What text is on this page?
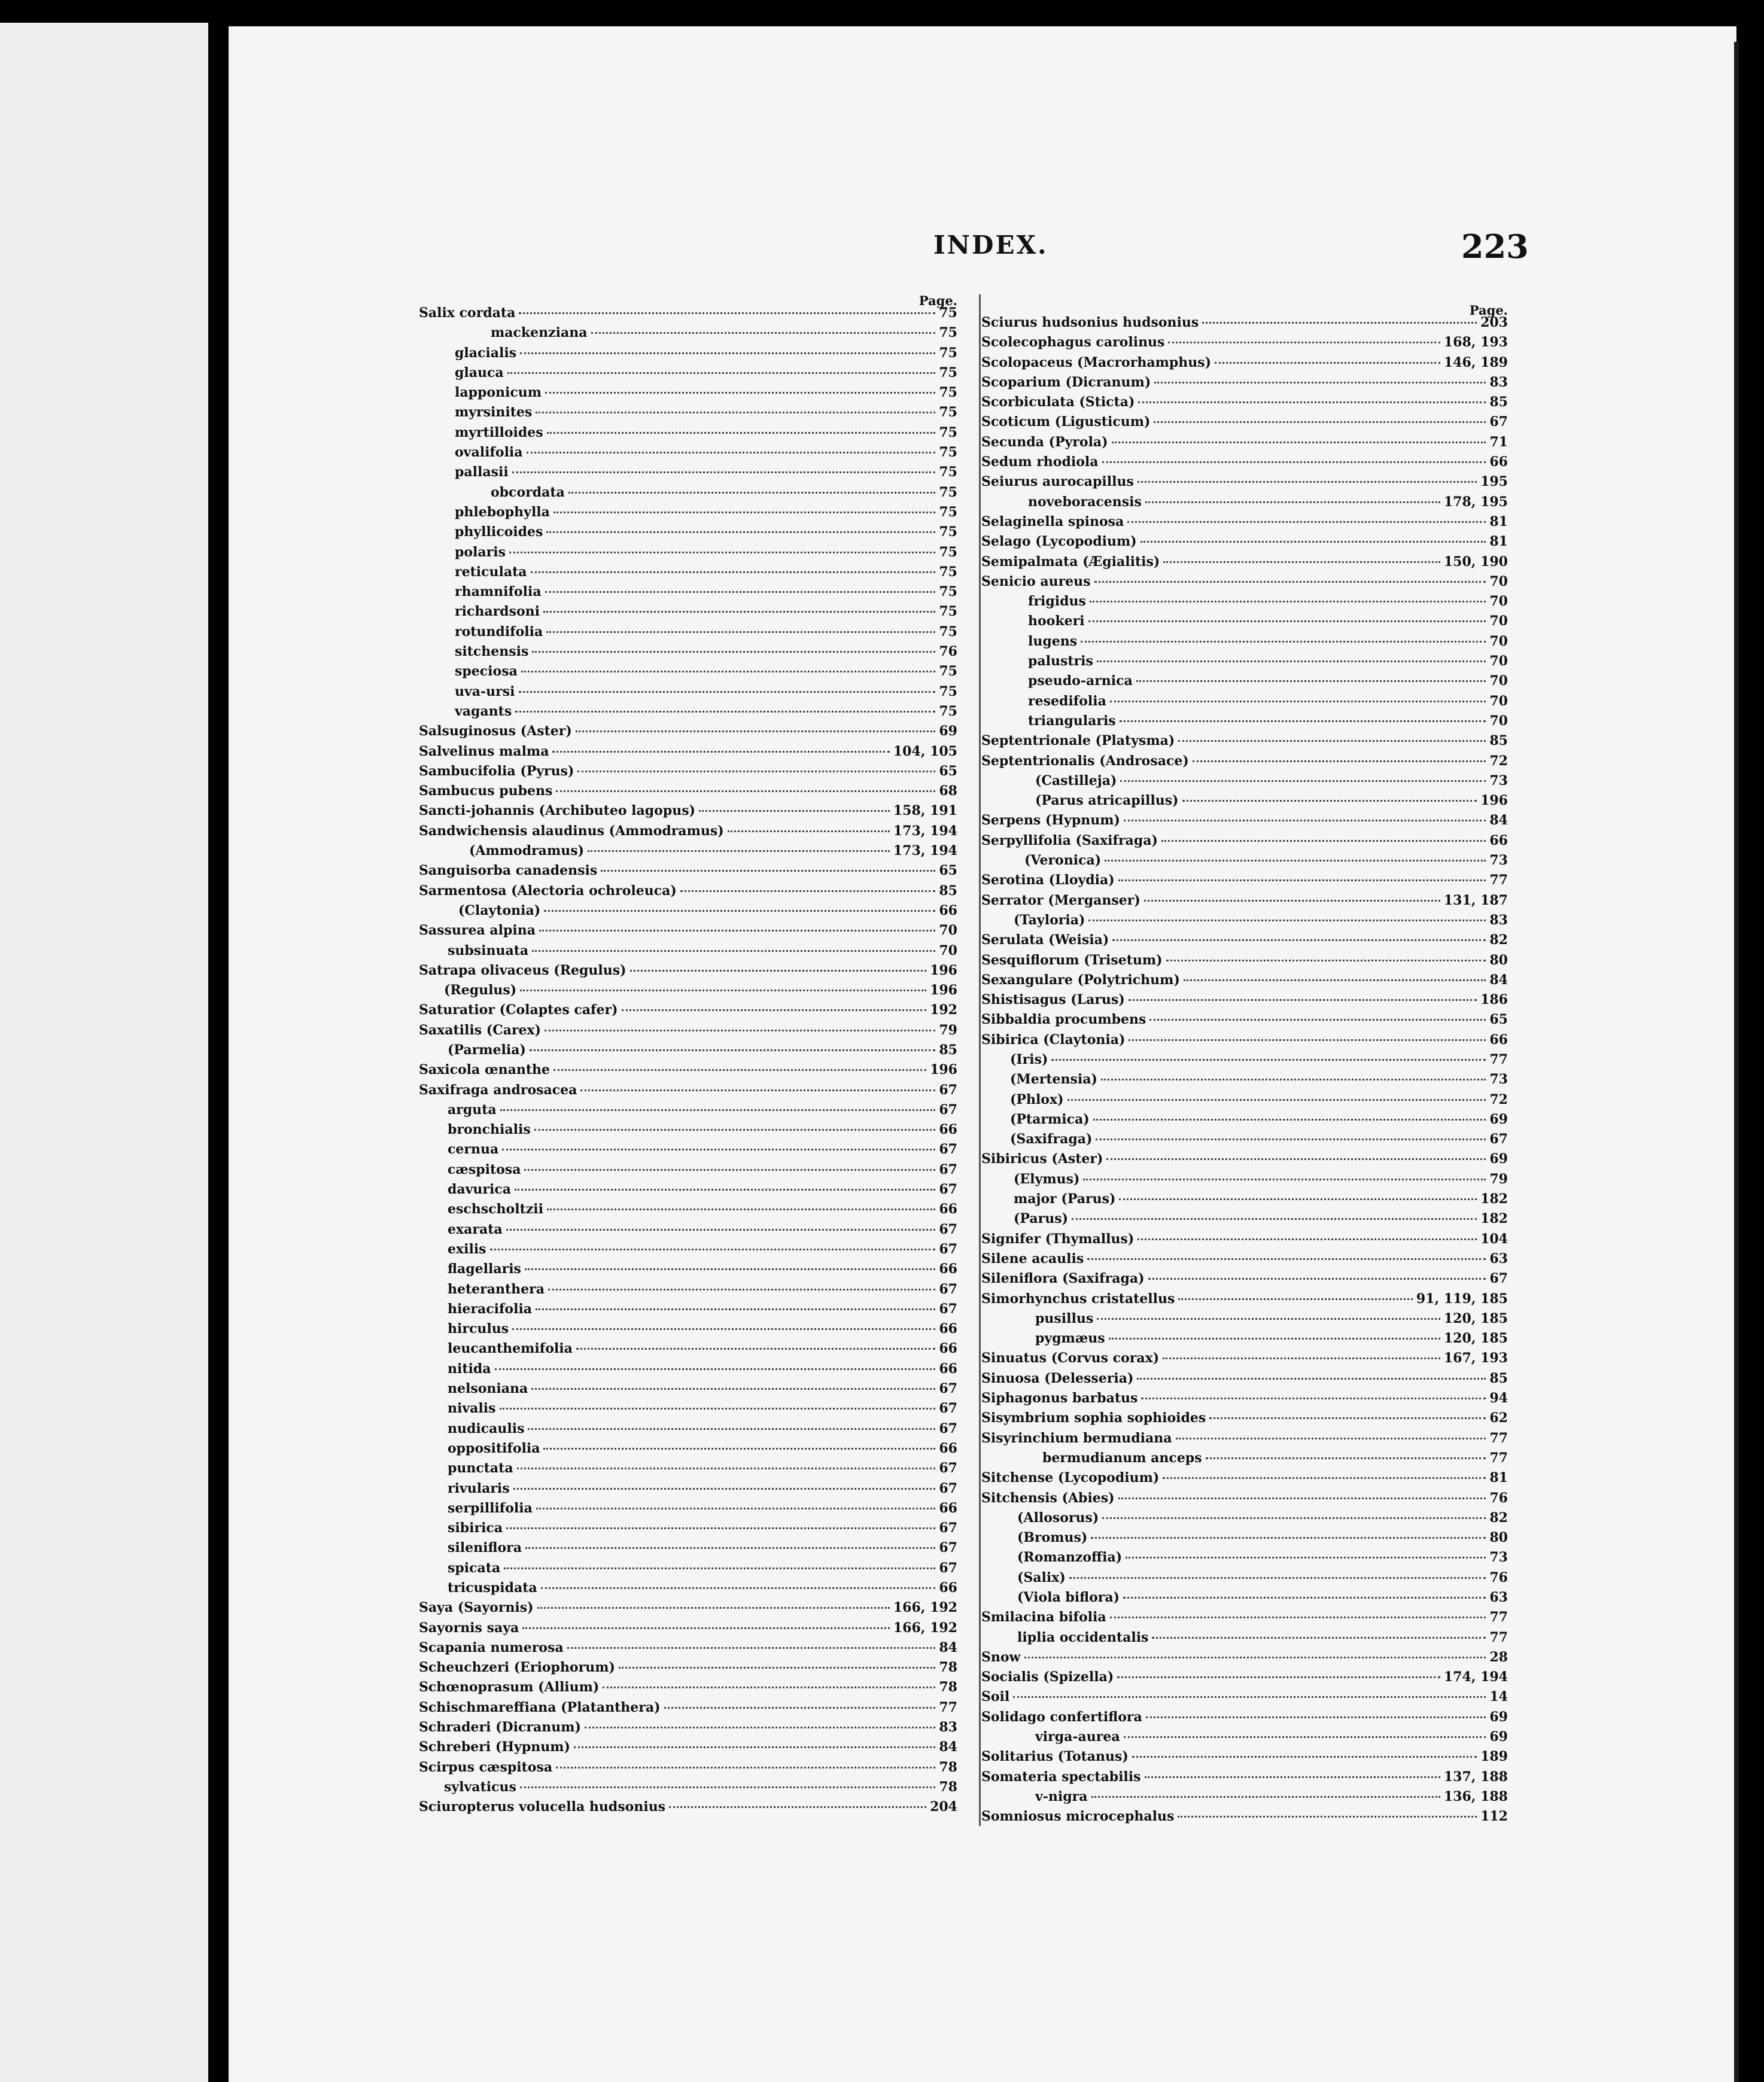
INDEX.	223
Salix cordata	75
mackenziana	75
glacialis	75
glauca	75
lapponicum	75
myrsinites	75
myrtilloides	75
ovalifolia	75
pallasii	75
obcordata	75
phlebophylla	75
phyllicoides	75
polaris	75
reticulata	75
rhamnifolia	75
richardsoni	75
rotundifolia	75
sitchensis	76
speciosa	75
uva-ursi	75
vagants	75
Salsuginosus (Aster)	69
Salvelinus malma	104, 105
Sambucifolia (Pyrus)	65
Sambucus pubens	68
Sancti-johannis (Archibuteo lagopus)	158, 191
Sandwichensis alaudinus (Ammodramus)	173, 194
(Ammodramus)	173, 194
Sanguisorba canadensis	65
Sarmentosa (Alectoria ochroleuca)	85
(Claytonia)	66
Sassurea alpina	70
subsinuata	70
Satrapa olivaceus (Regulus)	196
(Regulus)	196
Saturatior (Colaptes cafer)	192
Saxatilis (Carex)	79
(Parmelia)	85
Saxicola œnanthe	196
Saxifraga androsacea	67
arguta	67
bronchialis	66
cernua	67
cæspitosa	67
davurica	67
eschscholtzii	66
exarata	67
exilis	67
flagellaris	66
heteranthera	67
hieracifolia	67
hirculus	66
leucanthemifolia	66
nitida	66
nelsoniana	67
nivalis	67
nudicaulis	67
oppositifolia	66
punctata	67
rivularis	67
serpillifolia	66
sibirica	67
sileniflora	67
spicata	67
tricuspidata	66
Saya (Sayornis)	166, 192
Sayornis saya	166, 192
Scapania numerosa	84
Scheuchzeri (Eriophorum)	78
Schœnoprasum (Allium)	78
Schischmareffiana (Platanthera)	77
Schraderi (Dicranum)	83
Schreberi (Hypnum)	84
Scirpus cæspitosa	78
sylvaticus	78
Sciuropterus volucella hudsonius	204
Sciurus hudsonius hudsonius	203
Scolecophagus carolinus	168, 193
Scolopaceus (Macrorhamphus)	146, 189
Scoparium (Dicranum)	83
Scorbiculata (Sticta)	85
Scoticum (Ligusticum)	67
Secunda (Pyrola)	71
Sedum rhodiola	66
Seiurus aurocapillus	195
noveboracensis	178, 195
Selaginella spinosa	81
Selago (Lycopodium)	81
Semipalmata (Ægialitis)	150, 190
Senicio aureus	70
frigidus	70
hookeri	70
lugens	70
palustris	70
pseudo-arnica	70
resedifolia	70
triangularis	70
Septentrionale (Platysma)	85
Septentrionalis (Androsace)	72
(Castilleja)	73
(Parus atricapillus)	196
Serpens (Hypnum)	84
Serpyllifolia (Saxifraga)	66
(Veronica)	73
Serotina (Lloydia)	77
Serrator (Merganser)	131, 187
(Tayloria)	83
Serulata (Weisia)	82
Sesquiflorum (Trisetum)	80
Sexangulare (Polytrichum)	84
Shistisagus (Larus)	186
Sibbaldia procumbens	65
Sibirica (Claytonia)	66
(Iris)	77
(Mertensia)	73
(Phlox)	72
(Ptarmica)	69
(Saxifraga)	67
Sibiricus (Aster)	69
(Elymus)	79
major (Parus)	182
(Parus)	182
Signifer (Thymallus)	104
Silene acaulis	63
Sileniflora (Saxifraga)	67
Simorhynchus cristatellus	91, 119, 185
pusillus	120, 185
pygmæus	120, 185
Sinuatus (Corvus corax)	167, 193
Sinuosa (Delesseria)	85
Siphagonus barbatus	94
Sisymbrium sophia sophioides	62
Sisyrinchium bermudiana	77
bermudianum anceps	77
Sitchense (Lycopodium)	81
Sitchensis (Abies)	76
(Allosorus)	82
(Bromus)	80
(Romanzoffia)	73
(Salix)	76
(Viola biflora)	63
Smilacina bifolia	77
liplia occidentalis	77
Snow	28
Socialis (Spizella)	174, 194
Soil	14
Solidago confertiflora	69
virga-aurea	69
Solitarius (Totanus)	189
Somateria spectabilis	137, 188
v-nigra	136, 188
Somniosus microcephalus	112
